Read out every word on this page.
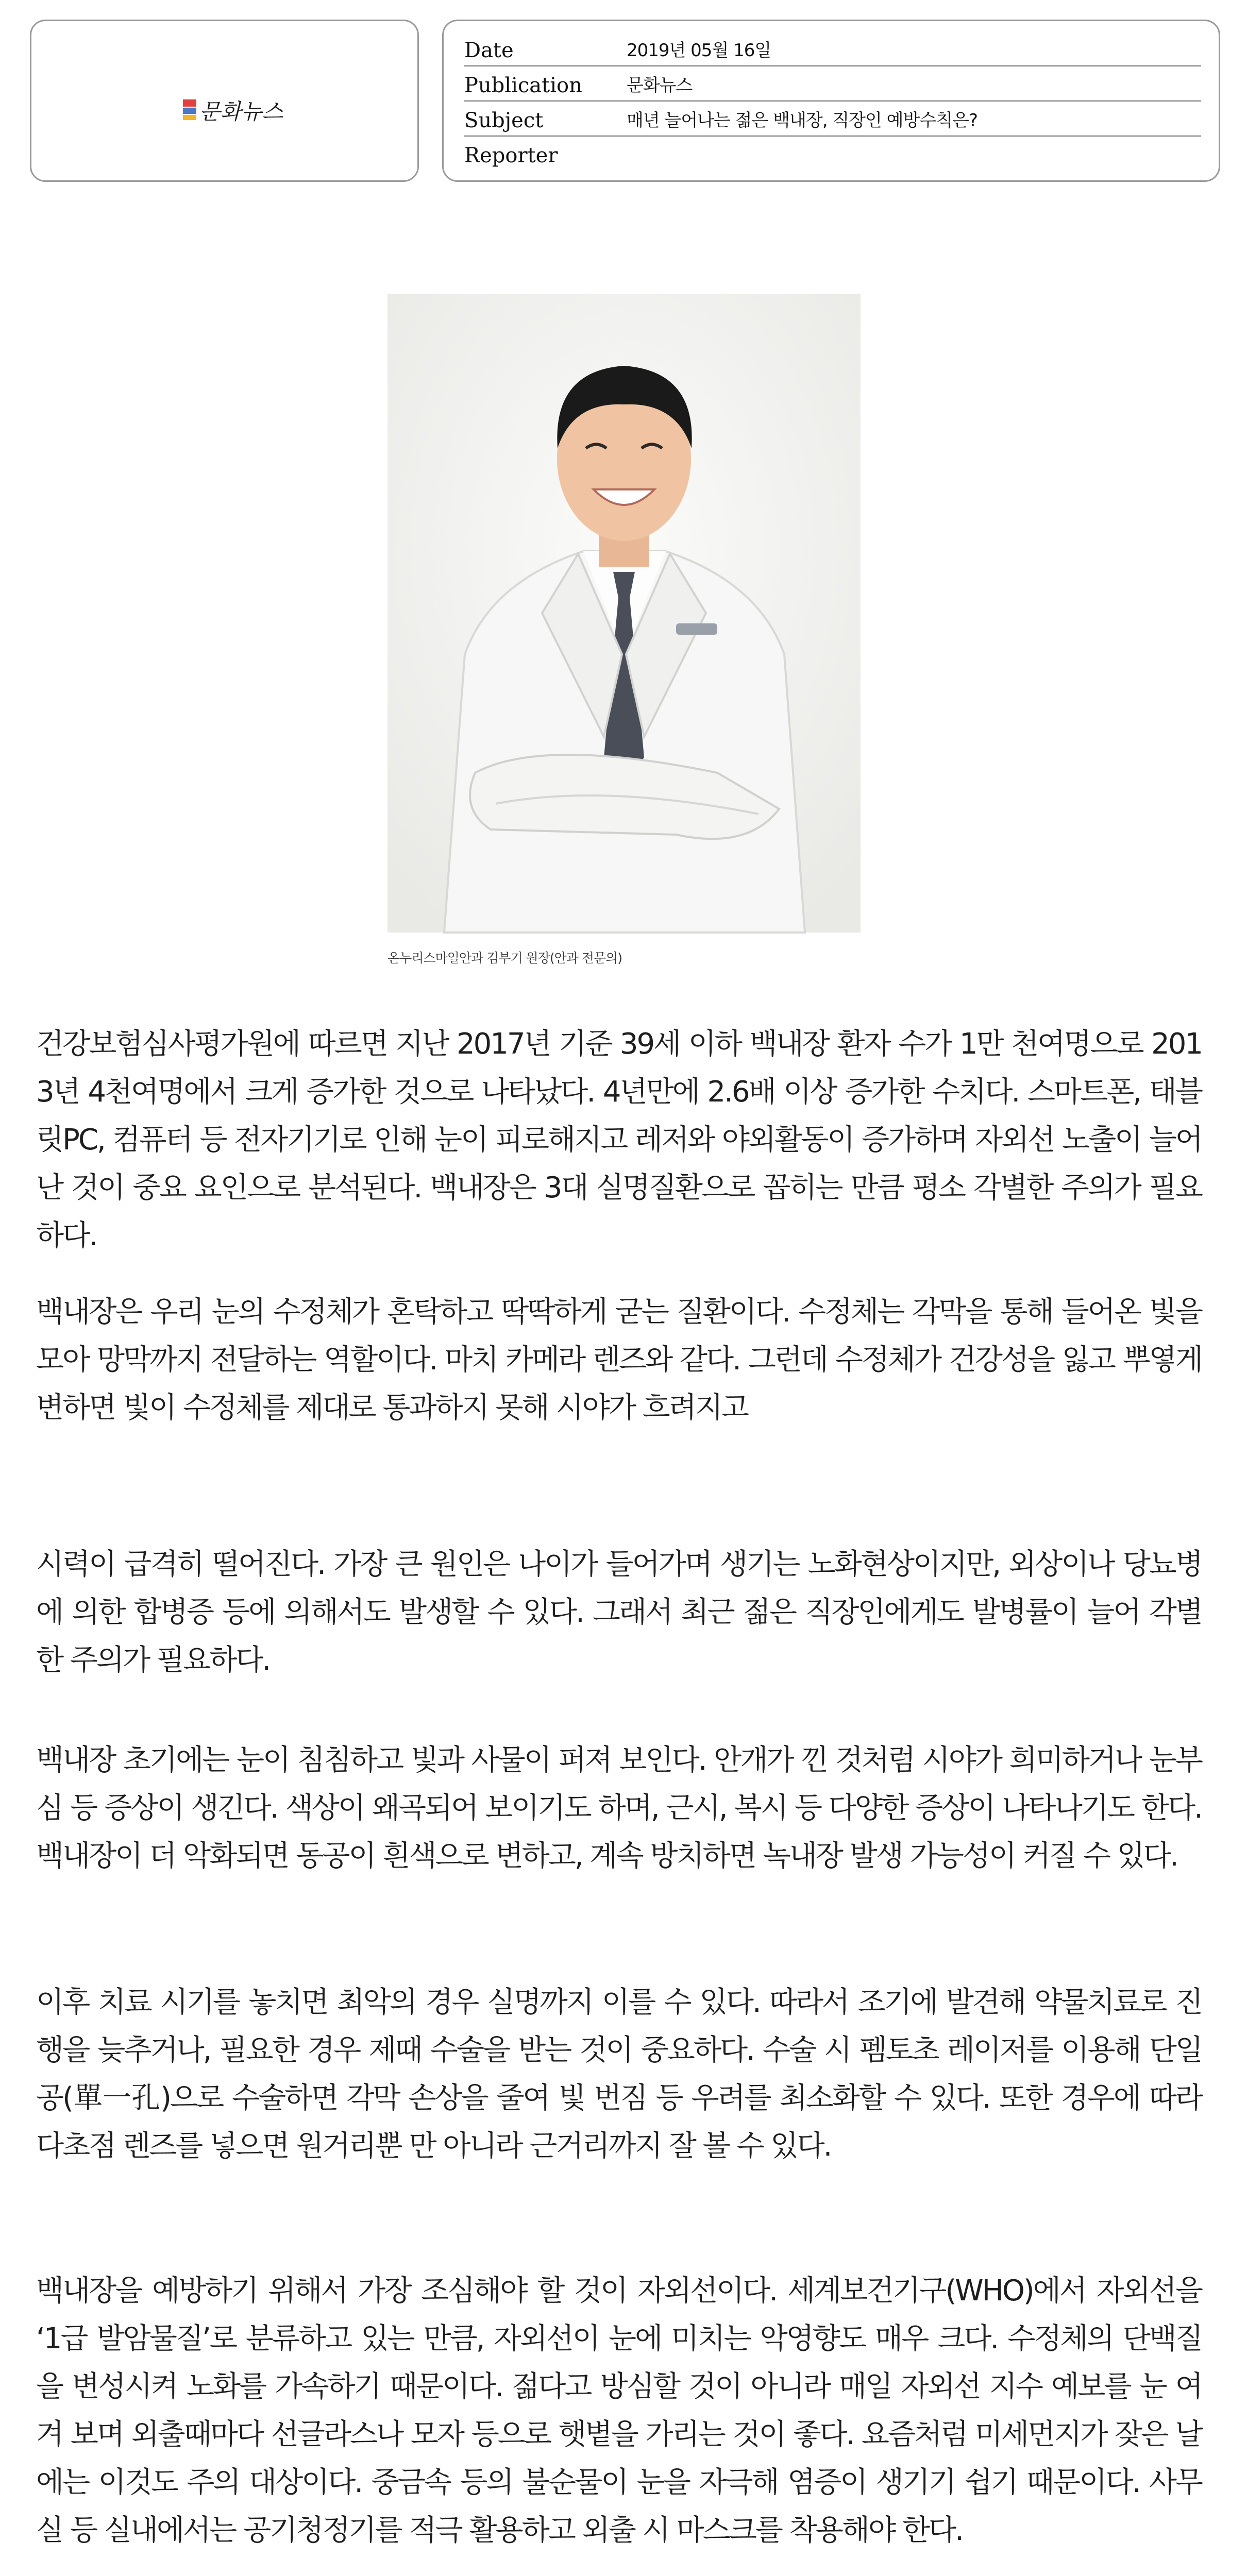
문화뉴스
Date	2019년 05월 16일
Publication	문화뉴스
Subject	매년 늘어나는 젊은 백내장, 직장인 예방수칙은?
Reporter
온누리스마일안과 김부기 원장(안과 전문의)

건강보험심사평가원에 따르면 지난 2017년 기준 39세 이하 백내장 환자 수가 1만 천여명으로 2013년 4천여명에서 크게 증가한 것으로 나타났다. 4년만에 2.6배 이상 증가한 수치다. 스마트폰, 태블릿PC, 컴퓨터 등 전자기기로 인해 눈이 피로해지고 레저와 야외활동이 증가하며 자외선 노출이 늘어난 것이 중요 요인으로 분석된다. 백내장은 3대 실명질환으로 꼽히는 만큼 평소 각별한 주의가 필요하다.

백내장은 우리 눈의 수정체가 혼탁하고 딱딱하게 굳는 질환이다. 수정체는 각막을 통해 들어온 빛을 모아 망막까지 전달하는 역할이다. 마치 카메라 렌즈와 같다. 그런데 수정체가 건강성을 잃고 뿌옇게 변하면 빛이 수정체를 제대로 통과하지 못해 시야가 흐려지고

시력이 급격히 떨어진다. 가장 큰 원인은 나이가 들어가며 생기는 노화현상이지만, 외상이나 당뇨병에 의한 합병증 등에 의해서도 발생할 수 있다. 그래서 최근 젊은 직장인에게도 발병률이 늘어 각별한 주의가 필요하다.

백내장 초기에는 눈이 침침하고 빛과 사물이 퍼져 보인다. 안개가 낀 것처럼 시야가 희미하거나 눈부심 등 증상이 생긴다. 색상이 왜곡되어 보이기도 하며, 근시, 복시 등 다양한 증상이 나타나기도 한다. 백내장이 더 악화되면 동공이 흰색으로 변하고, 계속 방치하면 녹내장 발생 가능성이 커질 수 있다.

이후 치료 시기를 놓치면 최악의 경우 실명까지 이를 수 있다. 따라서 조기에 발견해 약물치료로 진행을 늦추거나, 필요한 경우 제때 수술을 받는 것이 중요하다. 수술 시 펨토초 레이저를 이용해 단일공(單一孔)으로 수술하면 각막 손상을 줄여 빛 번짐 등 우려를 최소화할 수 있다. 또한 경우에 따라 다초점 렌즈를 넣으면 원거리뿐 만 아니라 근거리까지 잘 볼 수 있다.

백내장을 예방하기 위해서 가장 조심해야 할 것이 자외선이다. 세계보건기구(WHO)에서 자외선을 ‘1급 발암물질’로 분류하고 있는 만큼, 자외선이 눈에 미치는 악영향도 매우 크다. 수정체의 단백질을 변성시켜 노화를 가속하기 때문이다. 젊다고 방심할 것이 아니라 매일 자외선 지수 예보를 눈 여겨 보며 외출때마다 선글라스나 모자 등으로 햇볕을 가리는 것이 좋다. 요즘처럼 미세먼지가 잦은 날에는 이것도 주의 대상이다. 중금속 등의 불순물이 눈을 자극해 염증이 생기기 쉽기 때문이다. 사무실 등 실내에서는 공기청정기를 적극 활용하고 외출 시 마스크를 착용해야 한다.
